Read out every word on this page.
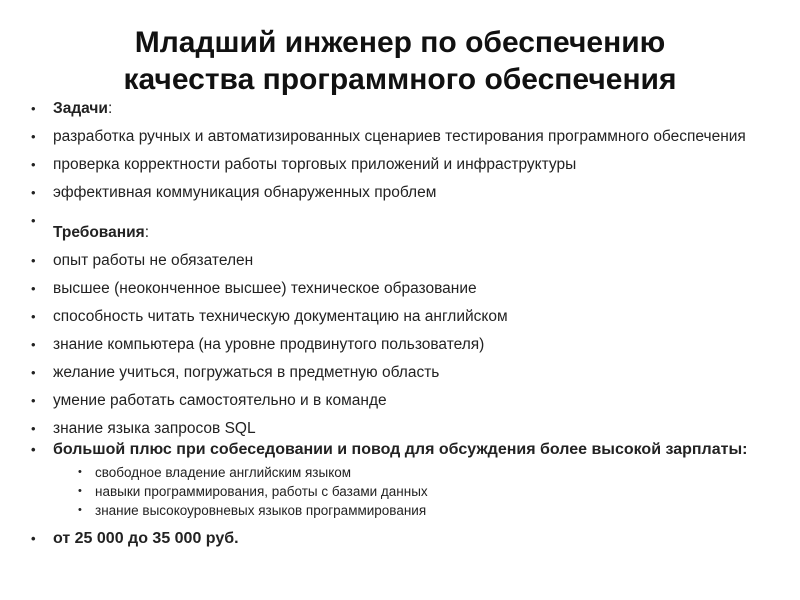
Младший инженер по обеспечению
качества программного обеспечения
• Задачи:
• разработка ручных и автоматизированных сценариев тестирования программного обеспечения
• проверка корректности работы торговых приложений и инфраструктуры
• эффективная коммуникация обнаруженных проблем
•
Требования:
• опыт работы не обязателен
• высшее (неоконченное высшее) техническое образование
• способность читать техническую документацию на английском
• знание компьютера (на уровне продвинутого пользователя)
• желание учиться, погружаться в предметную область
• умение работать самостоятельно и в команде
• знание языка запросов SQL
• большой плюс при собеседовании и повод для обсуждения более высокой зарплаты:
• свободное владение английским языком
• навыки программирования, работы с базами данных
• знание высокоуровневых языков программирования
• от 25 000 до 35 000 руб.
